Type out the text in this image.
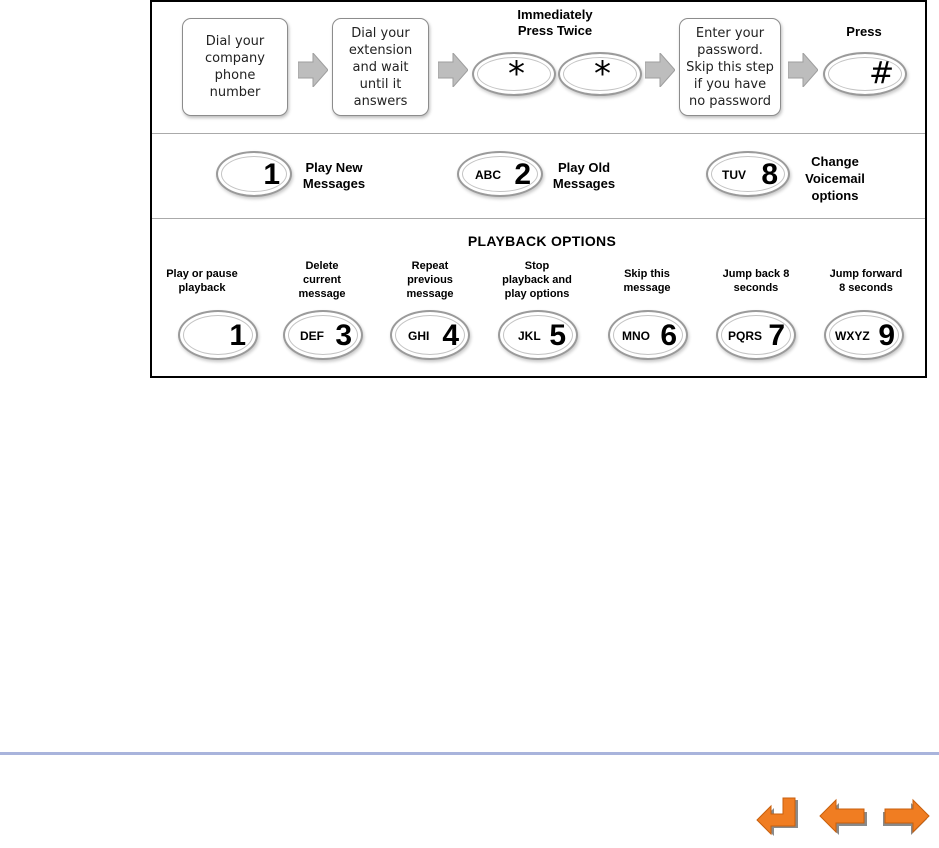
Dial your
company
phone
number
Dial your
extension
and wait
until it
answers
Immediately
Press Twice
* *
Enter your
password.
Skip this step
if you have
no password
Press
#
1	Play New
Messages
ABC 2	Play Old
Messages
TUV 8	Change
Voicemail
options
PLAYBACK OPTIONS
Play or pause
playback
Delete
current
message
Repeat
previous
message
Stop
playback and
play options
Skip this
message
Jump back 8
seconds
Jump forward
8 seconds
1	DEF 3	GHI 4	JKL 5	MNO 6	PQRS 7	WXYZ 9
